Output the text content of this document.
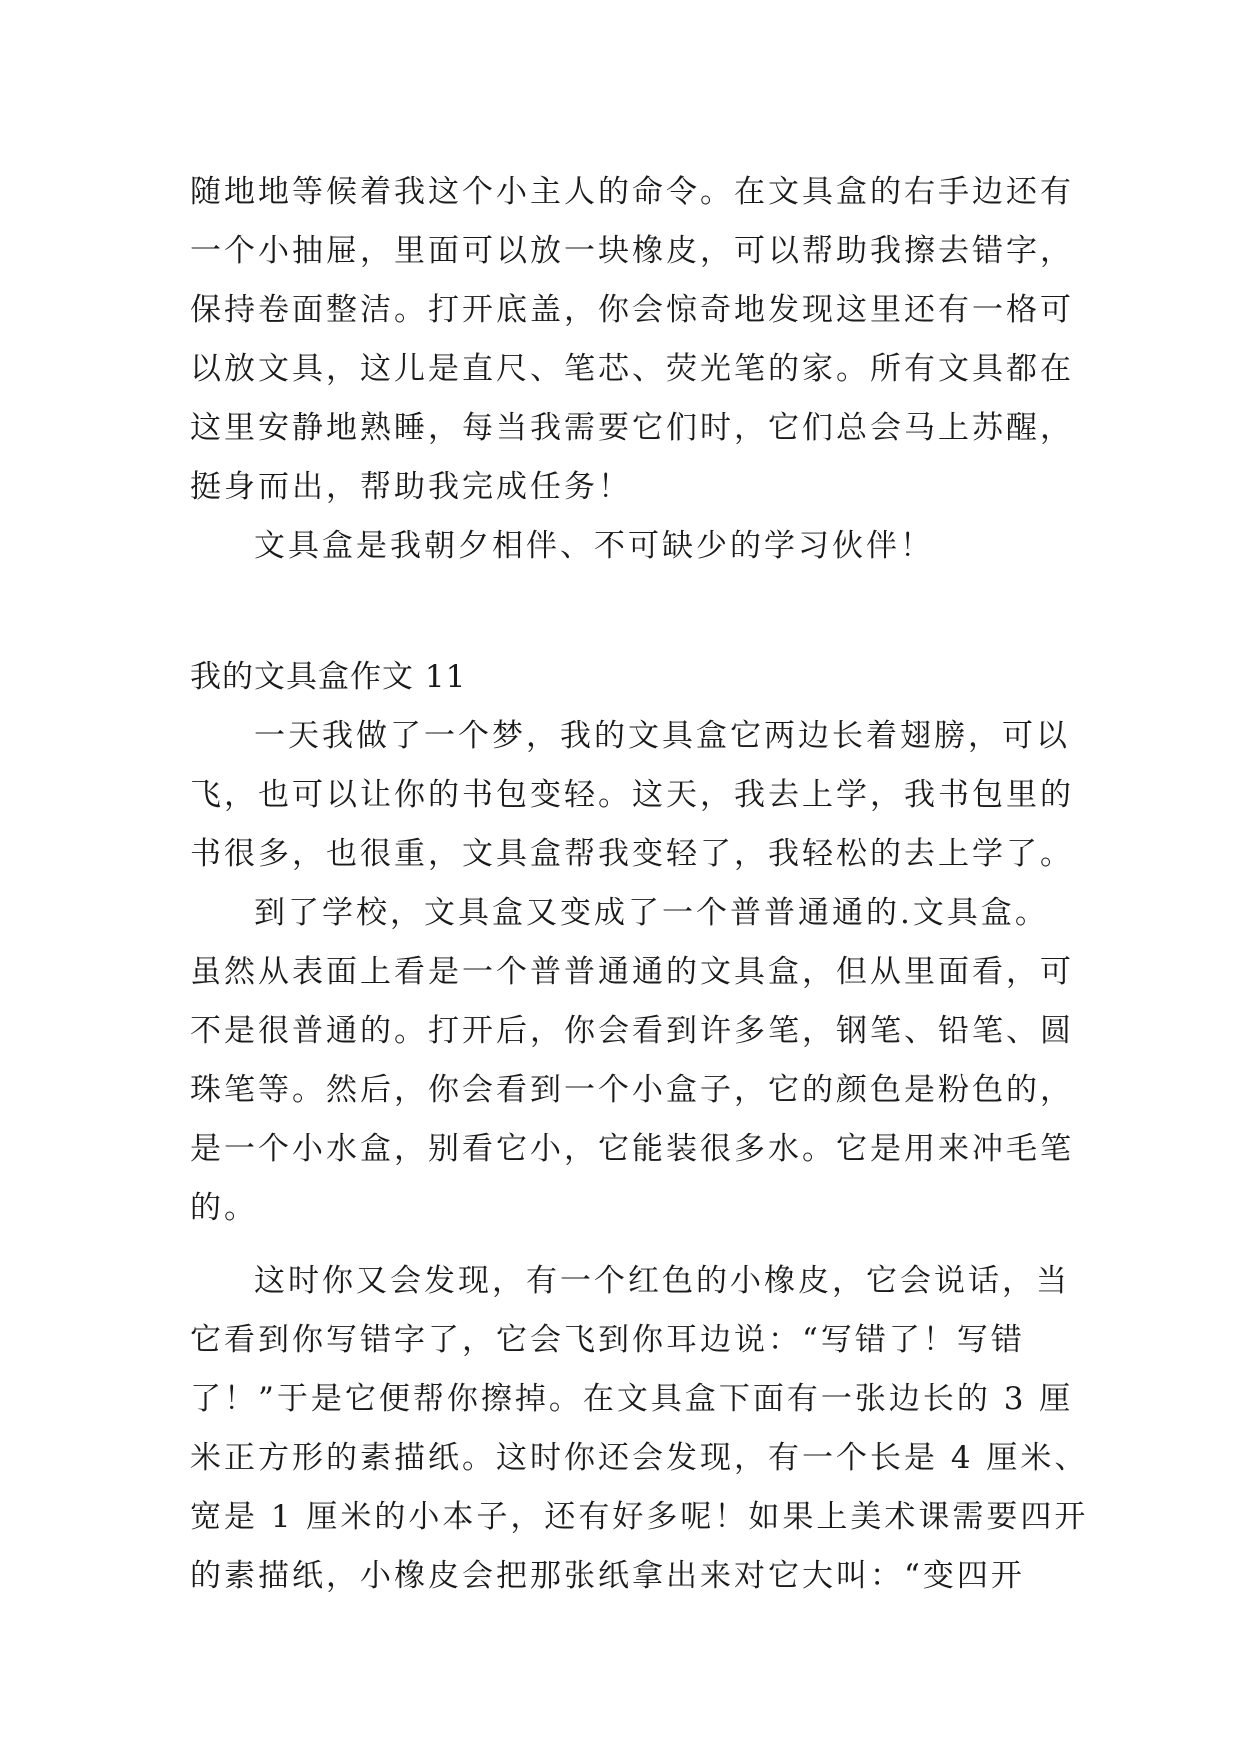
随地地等候着我这个小主人的命令。在文具盒的右手边还有
一个小抽屉，里面可以放一块橡皮，可以帮助我擦去错字，
保持卷面整洁。打开底盖，你会惊奇地发现这里还有一格可
以放文具，这儿是直尺、笔芯、荧光笔的家。所有文具都在
这里安静地熟睡，每当我需要它们时，它们总会马上苏醒，
挺身而出，帮助我完成任务！
文具盒是我朝夕相伴、不可缺少的学习伙伴！
我的文具盒作文 11
一天我做了一个梦，我的文具盒它两边长着翅膀，可以
飞，也可以让你的书包变轻。这天，我去上学，我书包里的
书很多，也很重，文具盒帮我变轻了，我轻松的去上学了。
到了学校，文具盒又变成了一个普普通通的.文具盒。
虽然从表面上看是一个普普通通的文具盒，但从里面看，可
不是很普通的。打开后，你会看到许多笔，钢笔、铅笔、圆
珠笔等。然后，你会看到一个小盒子，它的颜色是粉色的，
是一个小水盒，别看它小，它能装很多水。它是用来冲毛笔
的。
这时你又会发现，有一个红色的小橡皮，它会说话，当
它看到你写错字了，它会飞到你耳边说：“写错了！写错
了！”于是它便帮你擦掉。在文具盒下面有一张边长的 3 厘
米正方形的素描纸。这时你还会发现，有一个长是 4 厘米、
宽是 1 厘米的小本子，还有好多呢！如果上美术课需要四开
的素描纸，小橡皮会把那张纸拿出来对它大叫：“变四开
